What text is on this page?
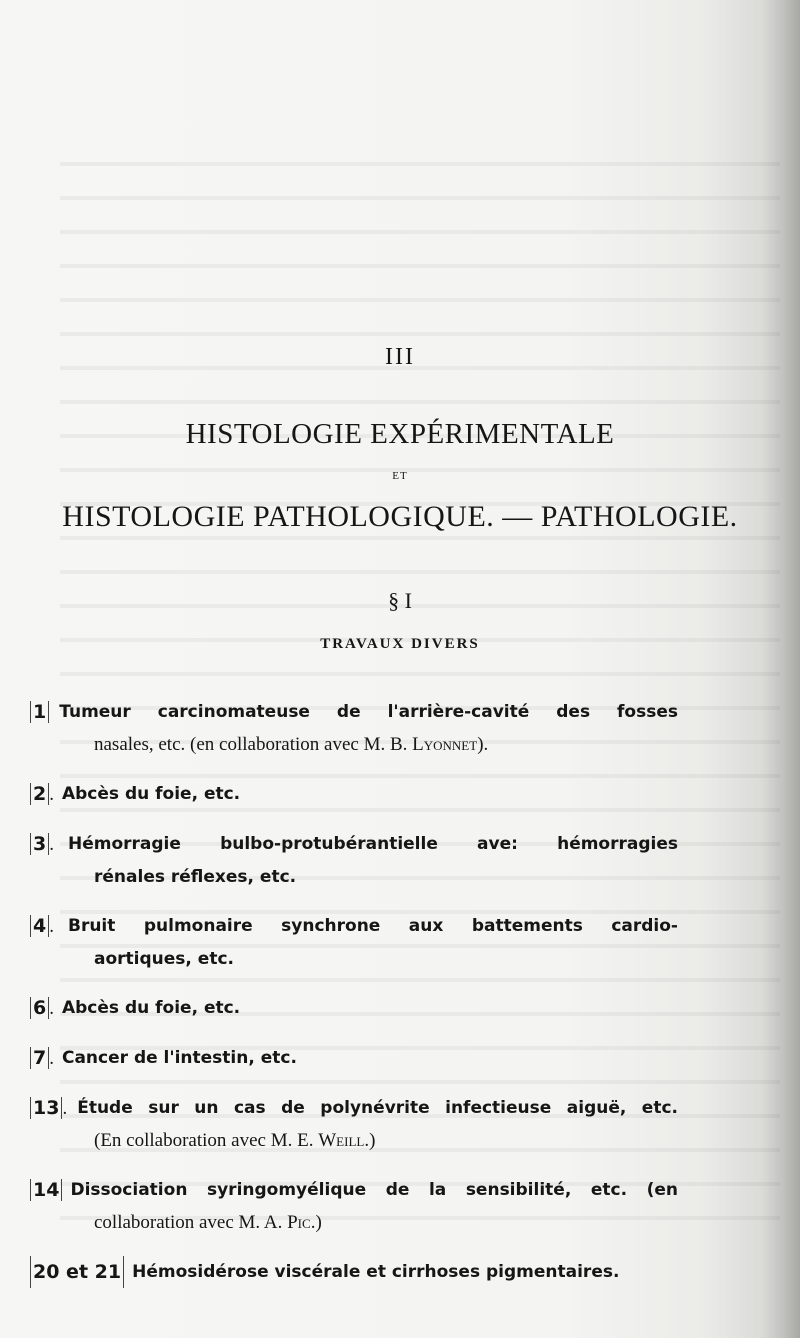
III
HISTOLOGIE EXPÉRIMENTALE
ET
HISTOLOGIE PATHOLOGIQUE. — PATHOLOGIE.
§ I
TRAVAUX DIVERS
1 Tumeur carcinomateuse de l'arrière-cavité des fosses
nasales, etc. (en collaboration avec M. B. Lyonnet).
2 . Abcès du foie, etc.
3 . Hémorragie bulbo-protubérantielle ave: hémorragies
rénales réflexes, etc.
4 . Bruit pulmonaire synchrone aux battements cardio-
aortiques, etc.
6 . Abcès du foie, etc.
7 . Cancer de l'intestin, etc.
13 . Étude sur un cas de polynévrite infectieuse aiguë, etc.
(En collaboration avec M. E. Weill.)
14 Dissociation syringomyélique de la sensibilité, etc. (en
collaboration avec M. A. Pic.)
20 et 21 Hémosidérose viscérale et cirrhoses pigmentaires.
